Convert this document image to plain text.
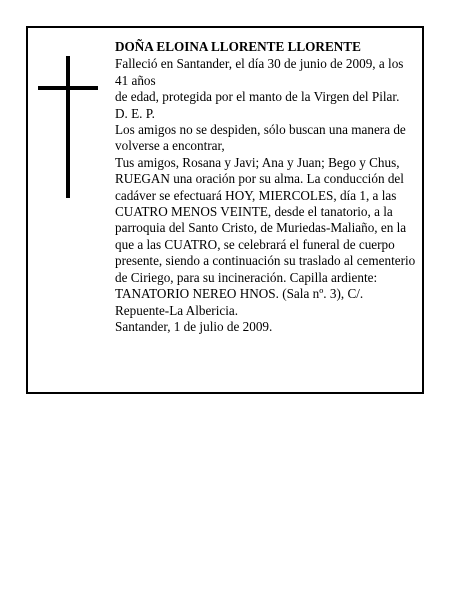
DOÑA ELOINA LLORENTE LLORENTE

Falleció en Santander, el día 30 de junio de 2009, a los 41 años

de edad, protegida por el manto de la Virgen del Pilar.

D. E. P.

Los amigos no se despiden, sólo buscan una manera de volverse a encontrar,

Tus amigos, Rosana y Javi; Ana y Juan; Bego y Chus, RUEGAN una oración por su alma. La conducción del cadáver se efectuará HOY, MIERCOLES, día 1, a las CUATRO MENOS VEINTE, desde el tanatorio, a la parroquia del Santo Cristo, de Muriedas-Maliaño, en la que a las CUATRO, se celebrará el funeral de cuerpo presente, siendo a continuación su traslado al cementerio de Ciriego, para su incineración. Capilla ardiente: TANATORIO NEREO HNOS. (Sala nº. 3), C/. Repuente-La Albericia.

Santander, 1 de julio de 2009.
